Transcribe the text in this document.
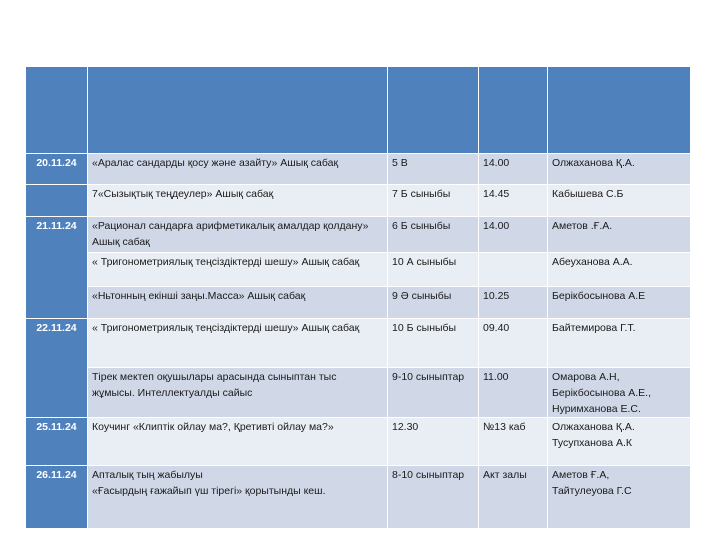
20.11.24	«Аралас сандарды қосу және азайту» Ашық сабақ	5 В	14.00	Олжаханова Қ.А.

	7«Сызықтық теңдеулер» Ашық сабақ	7 Б сыныбы	14.45	Кабышева С.Б

21.11.24	«Рационал сандарға арифметикалық амалдар қолдану»
Ашық сабақ	6 Б сыныбы	14.00	Аметов .Ғ.А.

	« Тригонометриялық теңсіздіктерді шешу» Ашық сабақ	10 А сыныбы		Абеуханова А.А.

	«Ньтонның екінші заңы.Масса» Ашық сабақ	9 Ә сыныбы	10.25	Берікбосынова А.Е

22.11.24	« Тригонометриялық теңсіздіктерді шешу» Ашық сабақ	10 Б сыныбы	09.40	Байтемирова Г.Т.

	Тірек мектеп оқушылары арасында сыныптан тыс
жұмысы. Интеллектуалды сайыс	9-10 сыныптар	11.00	Омарова А.Н,
Берікбосынова А.Е.,
Нуримханова Е.С.

25.11.24	Коучинг «Клиптік ойлау ма?, Қретивті ойлау ма?»	12.30	№13 каб	Олжаханова Қ.А.
Тусупханова А.К

26.11.24	Апталық тың жабылуы
«Ғасырдың ғажайып үш тірегі» қорытынды кеш.	8-10 сыныптар	Акт залы	Аметов Ғ.А,
Тайтулеуова Г.С
